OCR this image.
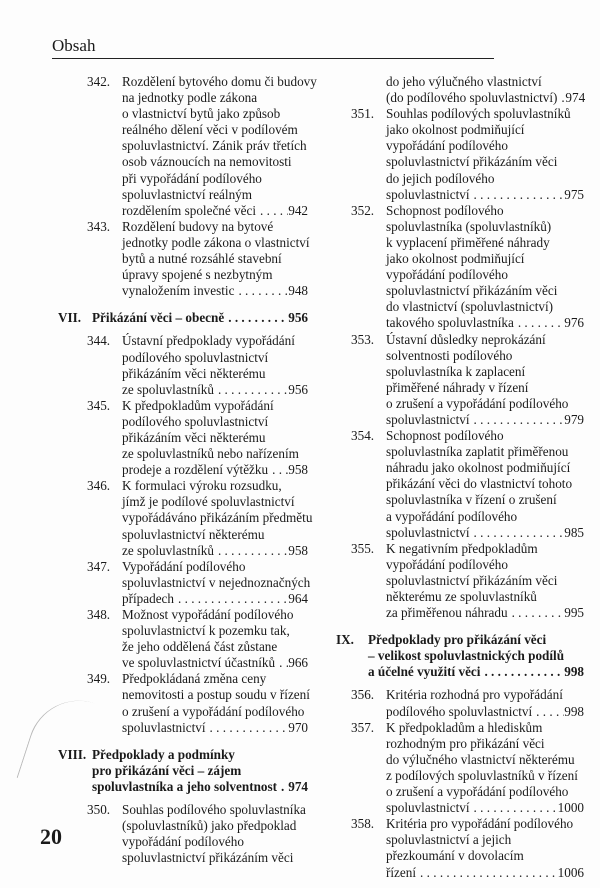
Obsah
342. Rozdělení bytového domu či budovy
na jednotky podle zákona
o vlastnictví bytů jako způsob
reálného dělení věci v podílovém
spoluvlastnictví. Zánik práv třetích
osob váznoucích na nemovitosti
při vypořádání podílového
spoluvlastnictví reálným
rozdělením společné věci . . . 942
343. Rozdělení budovy na bytové
jednotky podle zákona o vlastnictví
bytů a nutné rozsáhlé stavební
úpravy spojené s nezbytným
vynaložením investic . . .	948
VII. Přikázání věci – obecně . . .	956
344. Ústavní předpoklady vypořádání
podílového spoluvlastnictví
přikázáním věci některému
ze spoluvlastníků . . .	956
345. K předpokladům vypořádání
podílového spoluvlastnictví
přikázáním věci některému
ze spoluvlastníků nebo nařízením
prodeje a rozdělení výtěžku . . . 958
346. K formulaci výroku rozsudku,
jímž je podílové spoluvlastnictví
vypořádáváno přikázáním předmětu
spoluvlastnictví některému
ze spoluvlastníků . . .	958
347. Vypořádání podílového
spoluvlastnictví v nejednoznačných
případech . . .	964
348. Možnost vypořádání podílového
spoluvlastnictví k pozemku tak,
že jeho oddělená část zůstane
ve spoluvlastnictví účastníků . . . 966
349. Předpokládaná změna ceny
nemovitosti a postup soudu v řízení
o zrušení a vypořádání podílového
spoluvlastnictví . . .	970
VIII. Předpoklady a podmínky
pro přikázání věci – zájem
spoluvlastníka a jeho solventnost . . . 974
350. Souhlas podílového spoluvlastníka
(spoluvlastníků) jako předpoklad
vypořádání podílového
spoluvlastnictví přikázáním věci
do jeho výlučného vlastnictví
(do podílového spoluvlastnictví) . . . 974
351. Souhlas podílových spoluvlastníků
jako okolnost podmiňující
vypořádání podílového
spoluvlastnictví přikázáním věci
do jejich podílového
spoluvlastnictví . . .	975
352. Schopnost podílového
spoluvlastníka (spoluvlastníků)
k vyplacení přiměřené náhrady
jako okolnost podmiňující
vypořádání podílového
spoluvlastnictví přikázáním věci
do vlastnictví (spoluvlastnictví)
takového spoluvlastníka . . .	976
353. Ústavní důsledky neprokázání
solventnosti podílového
spoluvlastníka k zaplacení
přiměřené náhrady v řízení
o zrušení a vypořádání podílového
spoluvlastnictví . . .	979
354. Schopnost podílového
spoluvlastníka zaplatit přiměřenou
náhradu jako okolnost podmiňující
přikázání věci do vlastnictví tohoto
spoluvlastníka v řízení o zrušení
a vypořádání podílového
spoluvlastnictví . . .	985
355. K negativním předpokladům
vypořádání podílového
spoluvlastnictví přikázáním věci
některému ze spoluvlastníků
za přiměřenou náhradu . . .	995
IX. Předpoklady pro přikázání věci
– velikost spoluvlastnických podílů
a účelné využití věci . . .	998
356. Kritéria rozhodná pro vypořádání
podílového spoluvlastnictví . . . 998
357. K předpokladům a hlediskům
rozhodným pro přikázání věci
do výlučného vlastnictví některému
z podílových spoluvlastníků v řízení
o zrušení a vypořádání podílového
spoluvlastnictví . . .	1000
358. Kritéria pro vypořádání podílového
spoluvlastnictví a jejich
přezkoumání v dovolacím
řízení . . .	1006
20
